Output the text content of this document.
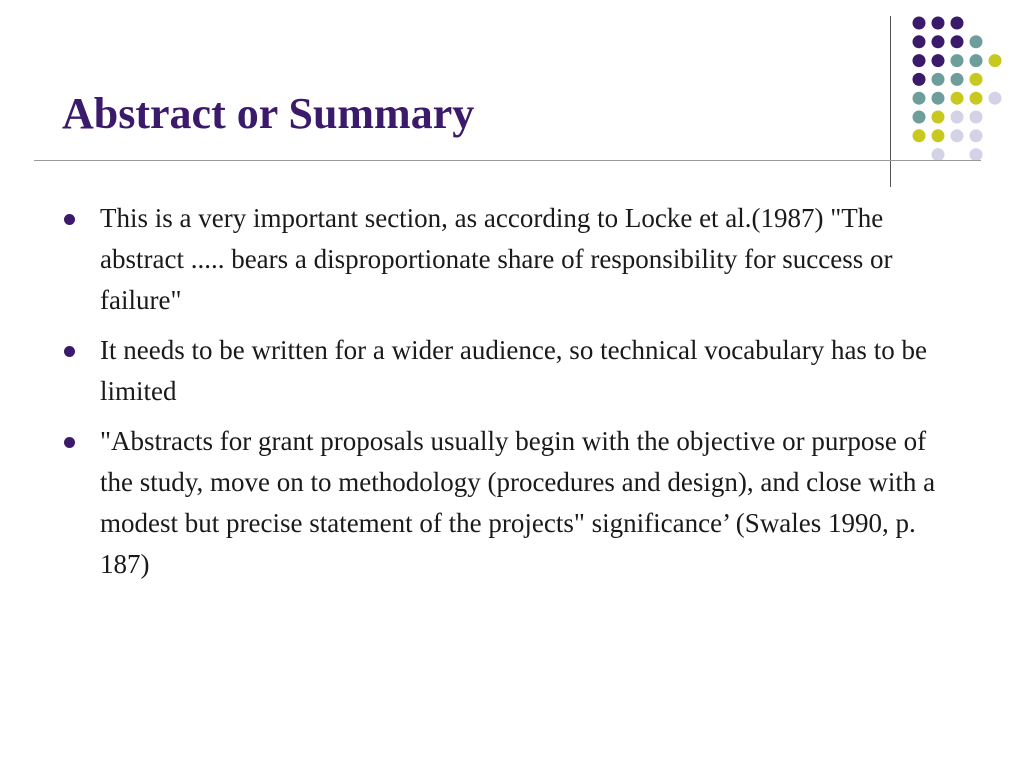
Abstract or Summary
This is a very important section, as according to Locke et al.(1987) "The abstract ..... bears a disproportionate share of responsibility for success or failure"
It needs to be written for a wider audience, so technical vocabulary has to be limited
"Abstracts for grant proposals usually begin with the objective or purpose of the study, move on to methodology (procedures and design), and close with a modest but precise statement of the projects" significance’ (Swales 1990, p. 187)
